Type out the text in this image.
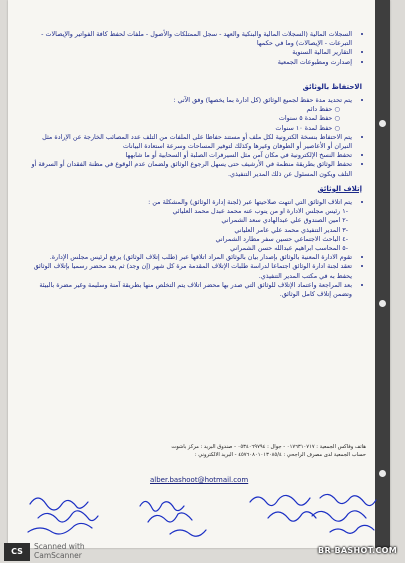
• السجلات المالية (السجلات المالية والبنكية والعهد - سجل الممتلكات والأصول - ملفات لحفظ كافة الفواتير والإيصالات - التبرعات - الإيصالات) وما في حكمها
• التقارير المالية السنوية
• إصدارت ومطبوعات الجمعية
الاحتفاظ بالوثائق
• يتم تحديد مدة حفظ لجميع الوثائق (كل ادارة بما يخصها) وفق الآتي :
○ حفظ دائم
○ حفظ لمدة ٥ سنوات
○ حفظ لمدة ١٠ سنوات
• يتم الاحتفاظ بنسخة الكترونية لكل ملف أو مستند حفاظا على الملفات من التلف عدد المصائب الخارجة عن الإرادة مثل النيران أو الأعاصير أو الطوفان وغيرها وكذلك لتوفير المساحات وسرعة استعادة البيانات
• تحفظ النسخ الإلكترونية في مكان آمن مثل السيرفرات الصلبة أو السحابية أو ما شابهها
• تحفظ الوثائق بطريقة منظمة في الأرشيف حتى يسهل الرجوع الوثائق ولضمان عدم الوقوع في مظنة الفقدان أو السرقة أو التلف ويكون المسئول عن ذلك المدير التنفيذي.
إتلاف الوثائق
• يتم اتلاف الوثائق التي انتهت صلاحيتها عبر (لجنة إدارة الوثائق) والمشكلة من :
-١ رئيس مجلس الادارة او من ينوب عنه محمد عبدل محمد العليائي
-٢ امين الصندوق علي عبدالهادي سعد الشمراني
-٣ المدير التنفيذي محمد علي عامر العلياني
-٤ الباحث الاجتماعي حسين سفر مطارد الشمراني
-٥ المحاسب ابراهيم عبدالله حسن الشمراني
• تقوم الادارة المعنية بالوثائق بإصدار بيان بالوثائق المراد اتلافها عبر (طلب إتلاف الوثائق) يرفع لرئيس مجلس الإدارة.
• تعقد لجنة ادارة الوثائق اجتماعا لدراسة طلبات الإتلاف المقدمة مرة كل شهر (إن وجد) ثم يعد محضر رسميا بإتلاف الوثائق يحفظ به في مكتب المدير التنفيذي.
• بعد المراجعة واعتماد الإتلاف للوثائق التي صدر بها محضر اتلاف يتم التخلص منها بطريقة آمنة وسليمة وغير مضرة بالبيئة وتضمن إتلاف كامل الوثائق.
هاتف وفاكس الجمعية : ٠١٧٦٣١٠٧١٧ - جوال : ٠٥٣٤٠٦٩٧٩٤ - صندوق البريد : مركز باشوت
حساب الجمعية لدى مصرف الراجحي : ٤٥٧٦٠٨٠١٠١٣٠٨٥/٤ - البريد الالكتروني :
alber.bashoot@hotmail.com
CS
Scanned with
CamScanner	BR-BASHOT.COM
